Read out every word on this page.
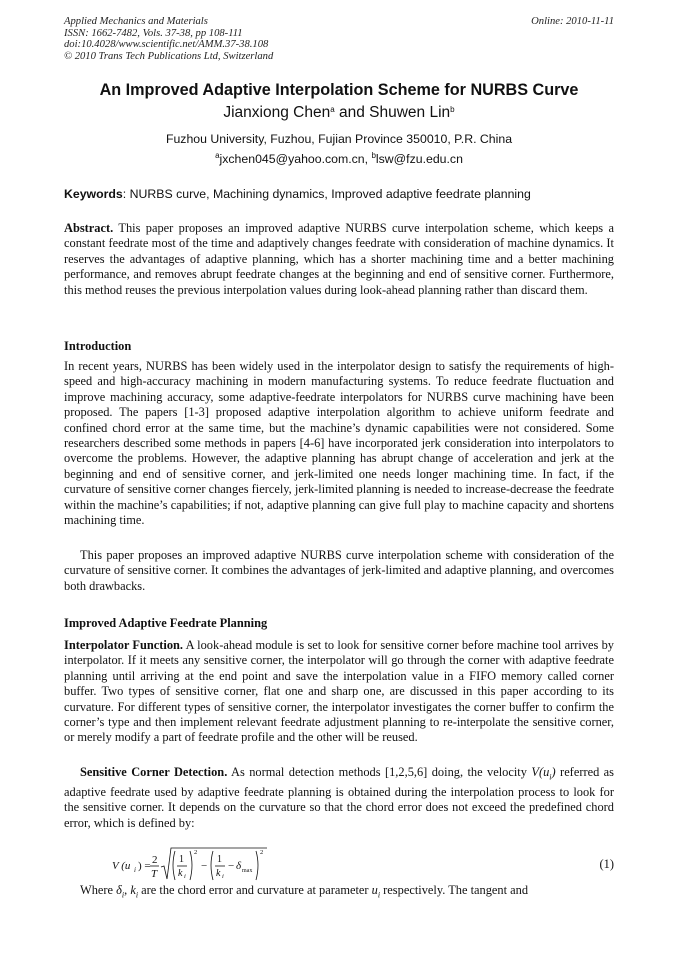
Applied Mechanics and Materials
ISSN: 1662-7482, Vols. 37-38, pp 108-111
doi:10.4028/www.scientific.net/AMM.37-38.108
© 2010 Trans Tech Publications Ltd, Switzerland
Online: 2010-11-11
An Improved Adaptive Interpolation Scheme for NURBS Curve
Jianxiong Chen$^a$ and Shuwen Lin$^b$
Fuzhou University, Fuzhou, Fujian Province 350010, P.R. China
$^a$jxchen045@yahoo.com.cn, $^b$lsw@fzu.edu.cn
Keywords: NURBS curve, Machining dynamics, Improved adaptive feedrate planning
Abstract. This paper proposes an improved adaptive NURBS curve interpolation scheme, which keeps a constant feedrate most of the time and adaptively changes feedrate with consideration of machine dynamics. It reserves the advantages of adaptive planning, which has a shorter machining time and a better machining performance, and removes abrupt feedrate changes at the beginning and end of sensitive corner. Furthermore, this method reuses the previous interpolation values during look-ahead planning rather than discard them.
Introduction
In recent years, NURBS has been widely used in the interpolator design to satisfy the requirements of high-speed and high-accuracy machining in modern manufacturing systems. To reduce feedrate fluctuation and improve machining accuracy, some adaptive-feedrate interpolators for NURBS curve machining have been proposed. The papers [1-3] proposed adaptive interpolation algorithm to achieve uniform feedrate and confined chord error at the same time, but the machine’s dynamic capabilities were not considered. Some researchers described some methods in papers [4-6] have incorporated jerk consideration into interpolators to overcome the problems. However, the adaptive planning has abrupt change of acceleration and jerk at the beginning and end of sensitive corner, and jerk-limited one needs longer machining time. In fact, if the curvature of sensitive corner changes fiercely, jerk-limited planning is needed to increase-decrease the feedrate within the machine’s capabilities; if not, adaptive planning can give full play to machine capacity and shortens machining time.
This paper proposes an improved adaptive NURBS curve interpolation scheme with consideration of the curvature of sensitive corner. It combines the advantages of jerk-limited and adaptive planning, and overcomes both drawbacks.
Improved Adaptive Feedrate Planning
Interpolator Function. A look-ahead module is set to look for sensitive corner before machine tool arrives by interpolator. If it meets any sensitive corner, the interpolator will go through the corner with adaptive feedrate planning until arriving at the end point and save the interpolation value in a FIFO memory called corner buffer. Two types of sensitive corner, flat one and sharp one, are discussed in this paper according to its curvature. For different types of sensitive corner, the interpolator investigates the corner buffer to confirm the corner’s type and then implement relevant feedrate adjustment planning to re-interpolate the sensitive corner, or merely modify a part of feedrate profile and the other will be reused.
Sensitive Corner Detection. As normal detection methods [1,2,5,6] doing, the velocity $V(u_i)$ referred as adaptive feedrate used by adaptive feedrate planning is obtained during the interpolation process to look for the sensitive corner. It depends on the curvature so that the chord error does not exceed the predefined chord error, which is defined by:
V (u i ) = 2
T
1
k i
2
−
1
k i
− δ max
2
(1)
Where $\delta_i$, $k_i$ are the chord error and curvature at parameter $u_i$ respectively. The tangent and
